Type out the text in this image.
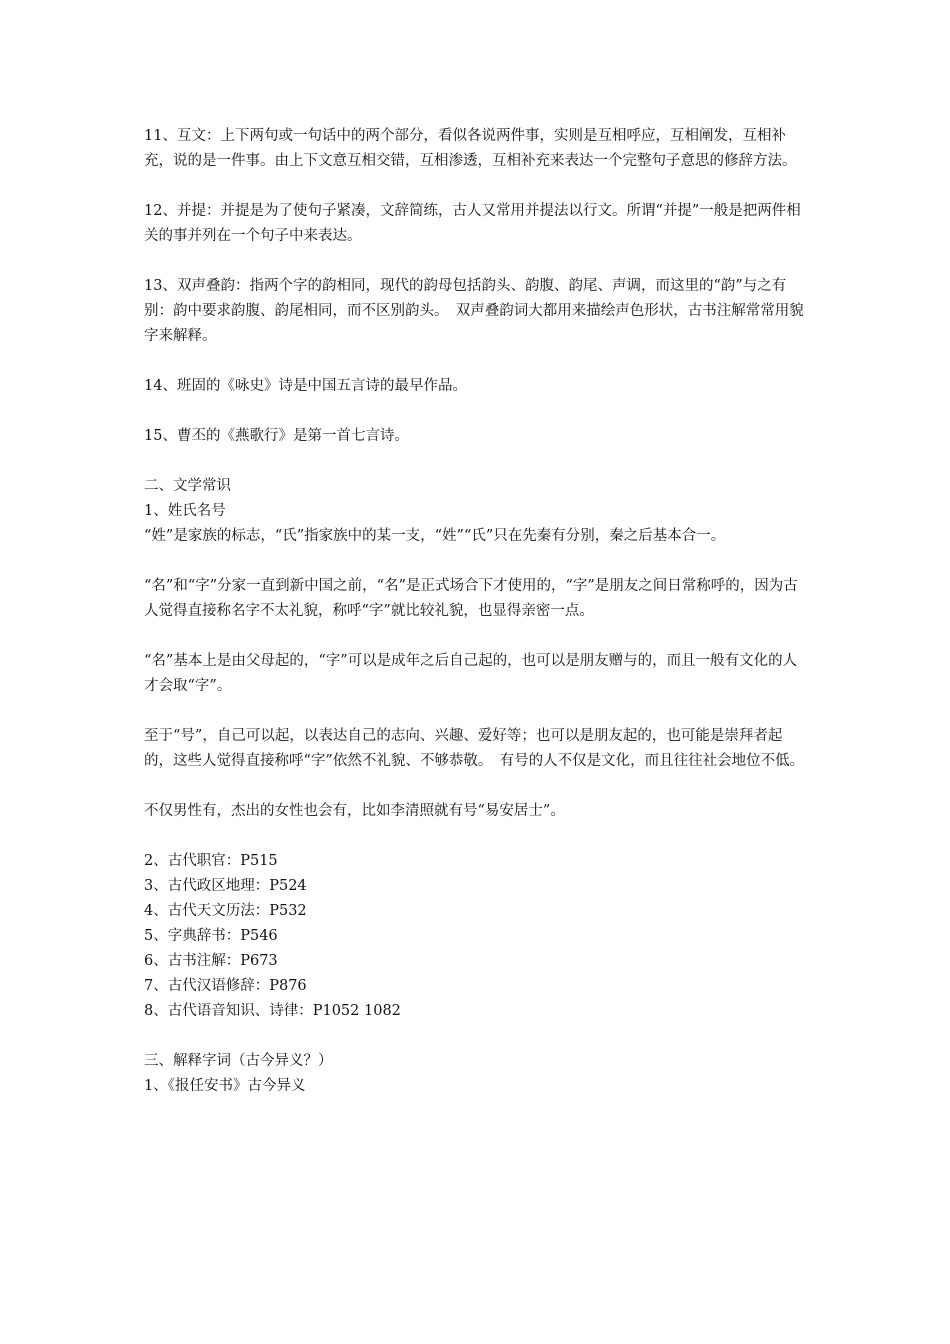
11、互文：上下两句或一句话中的两个部分，看似各说两件事，实则是互相呼应，互相阐发，互相补充，说的是一件事。由上下文意互相交错，互相渗透，互相补充来表达一个完整句子意思的修辞方法。

12、并提：并提是为了使句子紧凑，文辞简练，古人又常用并提法以行文。所谓“并提”一般是把两件相关的事并列在一个句子中来表达。

13、双声叠韵：指两个字的韵相同，现代的韵母包括韵头、韵腹、韵尾、声调，而这里的“韵”与之有别：韵中要求韵腹、韵尾相同，而不区别韵头。　双声叠韵词大都用来描绘声色形状，古书注解常常用貌字来解释。

14、班固的《咏史》诗是中国五言诗的最早作品。

15、曹丕的《燕歌行》是第一首七言诗。

二、文学常识

1、姓氏名号

“姓”是家族的标志，“氏”指家族中的某一支，“姓”“氏”只在先秦有分别，秦之后基本合一。

“名”和“字”分家一直到新中国之前，“名”是正式场合下才使用的，“字”是朋友之间日常称呼的，因为古人觉得直接称名字不太礼貌，称呼“字”就比较礼貌，也显得亲密一点。

“名”基本上是由父母起的，“字”可以是成年之后自己起的，也可以是朋友赠与的，而且一般有文化的人才会取“字”。

至于“号”，自己可以起，以表达自己的志向、兴趣、爱好等；也可以是朋友起的，也可能是崇拜者起的，这些人觉得直接称呼“字”依然不礼貌、不够恭敬。　有号的人不仅是文化，而且往往社会地位不低。

不仅男性有，杰出的女性也会有，比如李清照就有号“易安居士”。

2、古代职官：P515

3、古代政区地理：P524

4、古代天文历法：P532

5、字典辞书：P546

6、古书注解：P673

7、古代汉语修辞：P876

8、古代语音知识、诗律：P1052 1082

三、解释字词（古今异义？）

1、《报任安书》古今异义
